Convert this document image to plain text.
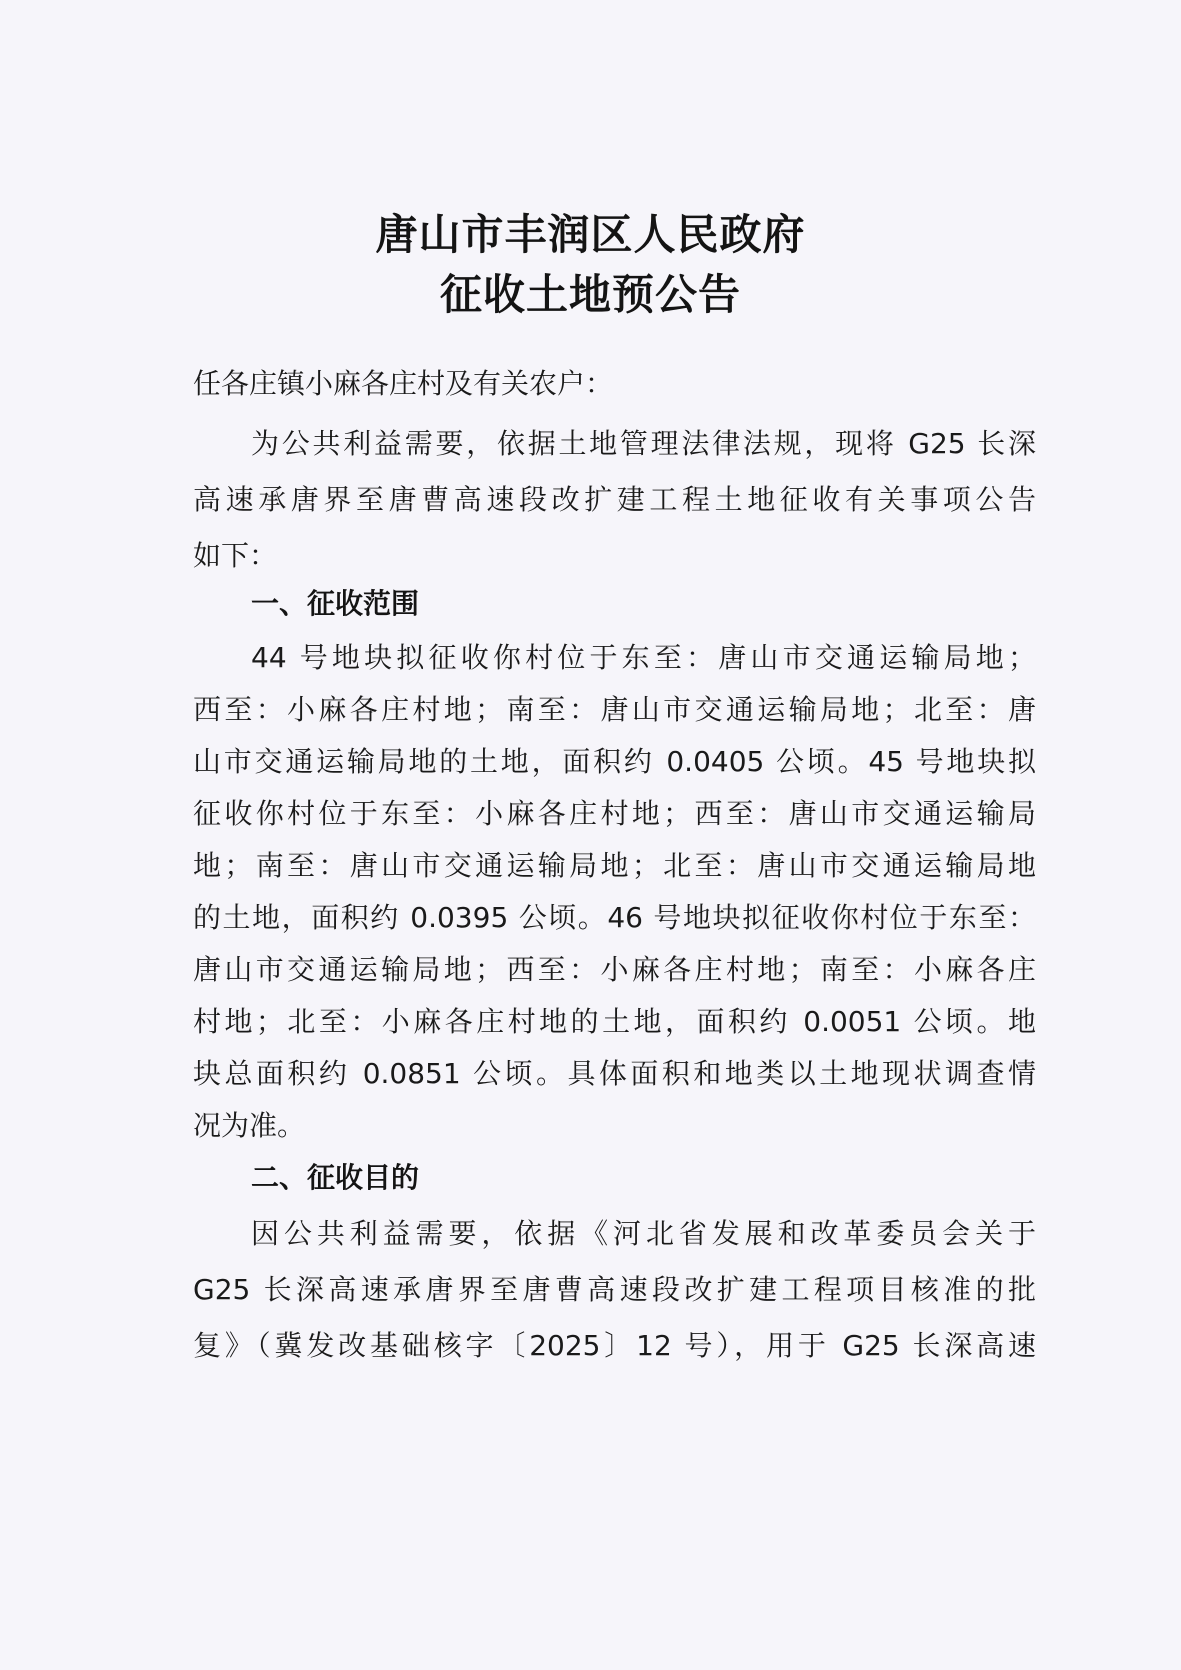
唐山市丰润区人民政府
征收土地预公告
任各庄镇小麻各庄村及有关农户：
为公共利益需要，依据土地管理法律法规，现将 G25 长深
高速承唐界至唐曹高速段改扩建工程土地征收有关事项公告
如下：
一、征收范围
44 号地块拟征收你村位于东至：唐山市交通运输局地；
西至：小麻各庄村地；南至：唐山市交通运输局地；北至：唐
山市交通运输局地的土地，面积约 0.0405 公顷。45 号地块拟
征收你村位于东至：小麻各庄村地；西至：唐山市交通运输局
地；南至：唐山市交通运输局地；北至：唐山市交通运输局地
的土地，面积约 0.0395 公顷。46 号地块拟征收你村位于东至：
唐山市交通运输局地；西至：小麻各庄村地；南至：小麻各庄
村地；北至：小麻各庄村地的土地，面积约 0.0051 公顷。地
块总面积约 0.0851 公顷。具体面积和地类以土地现状调查情
况为准。
二、征收目的
因公共利益需要，依据《河北省发展和改革委员会关于
G25 长深高速承唐界至唐曹高速段改扩建工程项目核准的批
复》（冀发改基础核字〔2025〕12 号），用于 G25 长深高速
